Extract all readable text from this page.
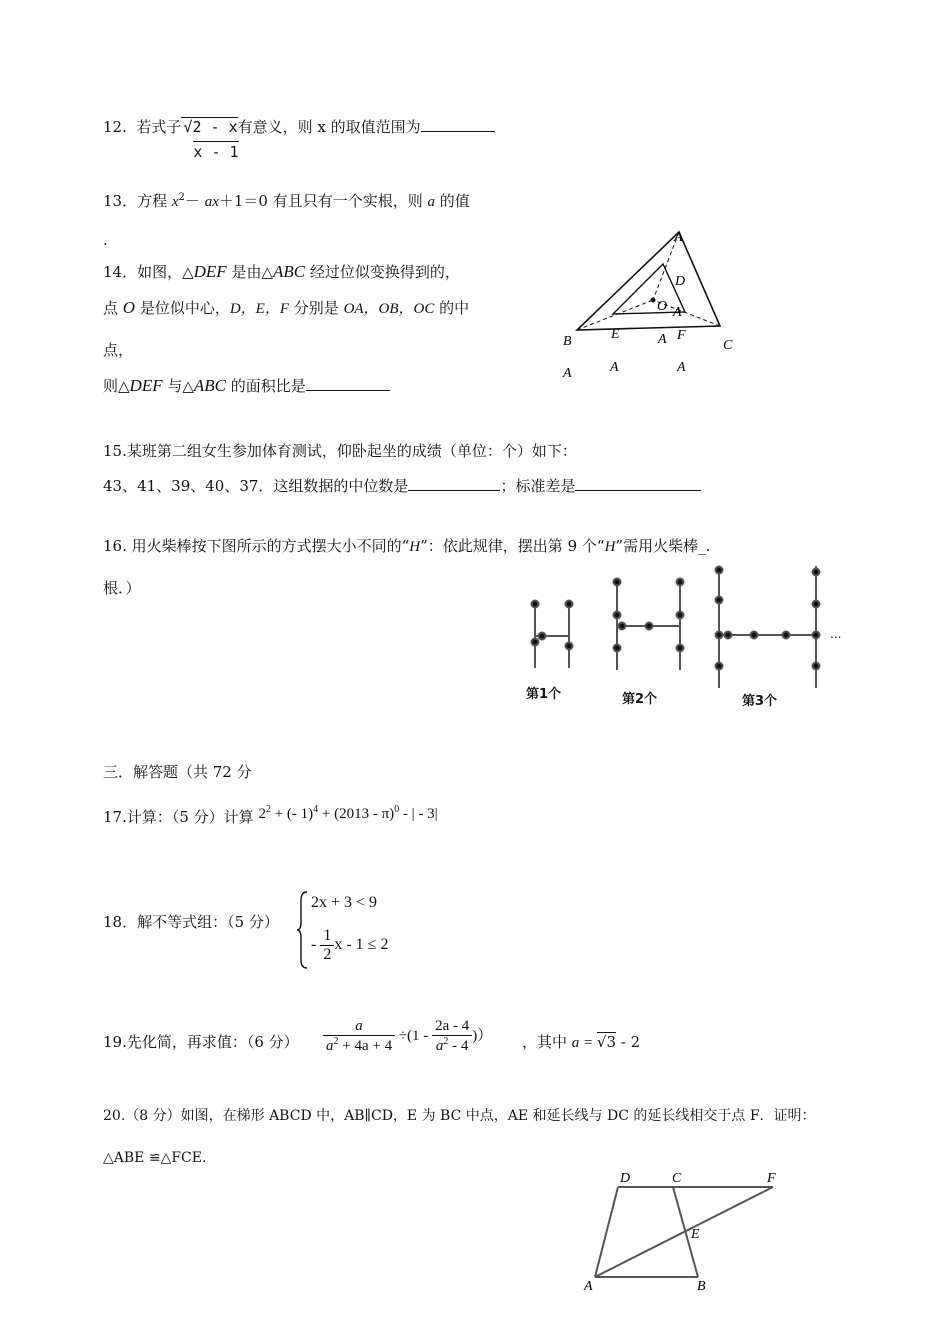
12. 若式子 √2 - x有意义，则 x 的取值范围为
x - 1
13．方程 $x^2- ax+1=0$ 有且只有一个实根，则 a 的值
.
14．如图，△DEF 是由△ABC 经过位似变换得到的，
点 O 是位似中心，D，E，F 分别是 OA，OB，OC 的中
点，
则△DEF 与△ABC 的面积比是
A
D
O A
B	E	A F
C
A	A	A
15.某班第二组女生参加体育测试，仰卧起坐的成绩（单位：个）如下：
43、41、39、40、37．这组数据的中位数是	；标准差是
16. 用火柴棒按下图所示的方式摆大小不同的“H”：依此规律，摆出第 9 个“H”需用火柴棒_.
根．）
...
第1个	第2个	第3个
三．解答题（共 72 分
17.计算：（5 分）计算 $2^2$ + (- 1)$^4$ + (2013 - π)$^0$ - | - 3|
18．解不等式组：（5 分）
2x + 3 < 9
- $\frac{1}{2}$ x - 1 ≤ 2
19.先化简，再求值：（6 分） $\frac{a}{a^2 + 4a + 4} \div(1 - \frac{2a - 4}{a^2 - 4}$ )） ，其中 a = √3 - 2
20.（8 分）如图，在梯形 ABCD 中，AB∥CD，E 为 BC 中点，AE 和延长线与 DC 的延长线相交于点 F．证明：
△ABE ≌△FCE.
D	C	F
E
A	B
